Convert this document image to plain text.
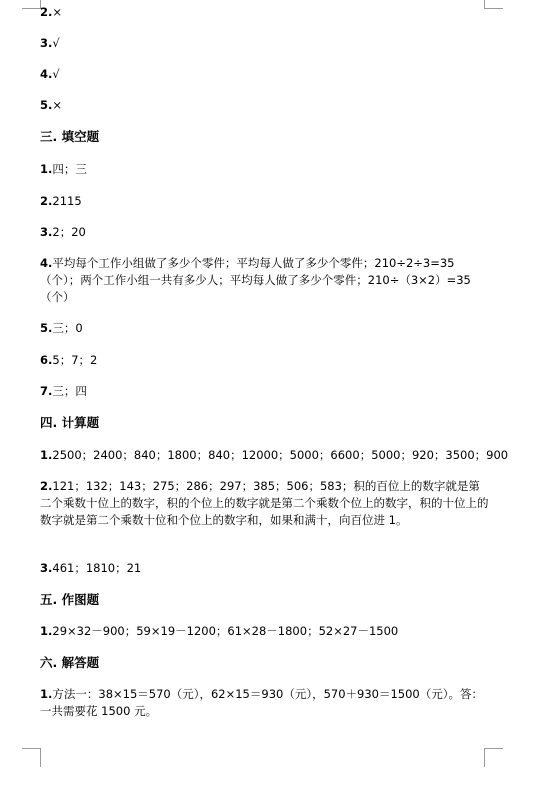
2.×
3.√
4.√
5.×
三. 填空题
1.四；三
2.2115
3.2；20
4.平均每个工作小组做了多少个零件；平均每人做了多少个零件；210÷2÷3=35（个）；两个工作小组一共有多少人；平均每人做了多少个零件；210÷（3×2）=35（个）
5.三；0
6.5；7；2
7.三；四
四. 计算题
1.2500；2400；840；1800；840；12000；5000；6600；5000；920；3500；900
2.121；132；143；275；286；297；385；506；583；积的百位上的数字就是第二个乘数十位上的数字，积的个位上的数字就是第二个乘数个位上的数字，积的十位上的数字就是第二个乘数十位和个位上的数字和，如果和满十，向百位进 1。
3.461；1810；21
五. 作图题
1.29×32－900；59×19－1200；61×28－1800；52×27－1500
六. 解答题
1.方法一：38×15＝570（元），62×15＝930（元），570＋930＝1500（元）。答：一共需要花 1500 元。
